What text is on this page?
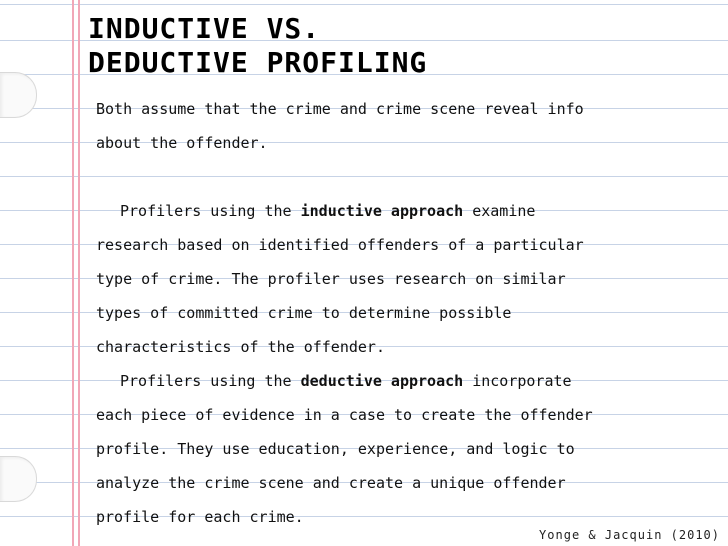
INDUCTIVE VS.
DEDUCTIVE PROFILING
Both assume that the crime and crime scene reveal info
about the offender.
Profilers using the inductive approach examine
research based on identified offenders of a particular
type of crime. The profiler uses research on similar
types of committed crime to determine possible
characteristics of the offender.
Profilers using the deductive approach incorporate
each piece of evidence in a case to create the offender
profile. They use education, experience, and logic to
analyze the crime scene and create a unique offender
profile for each crime.
Yonge & Jacquin (2010)
